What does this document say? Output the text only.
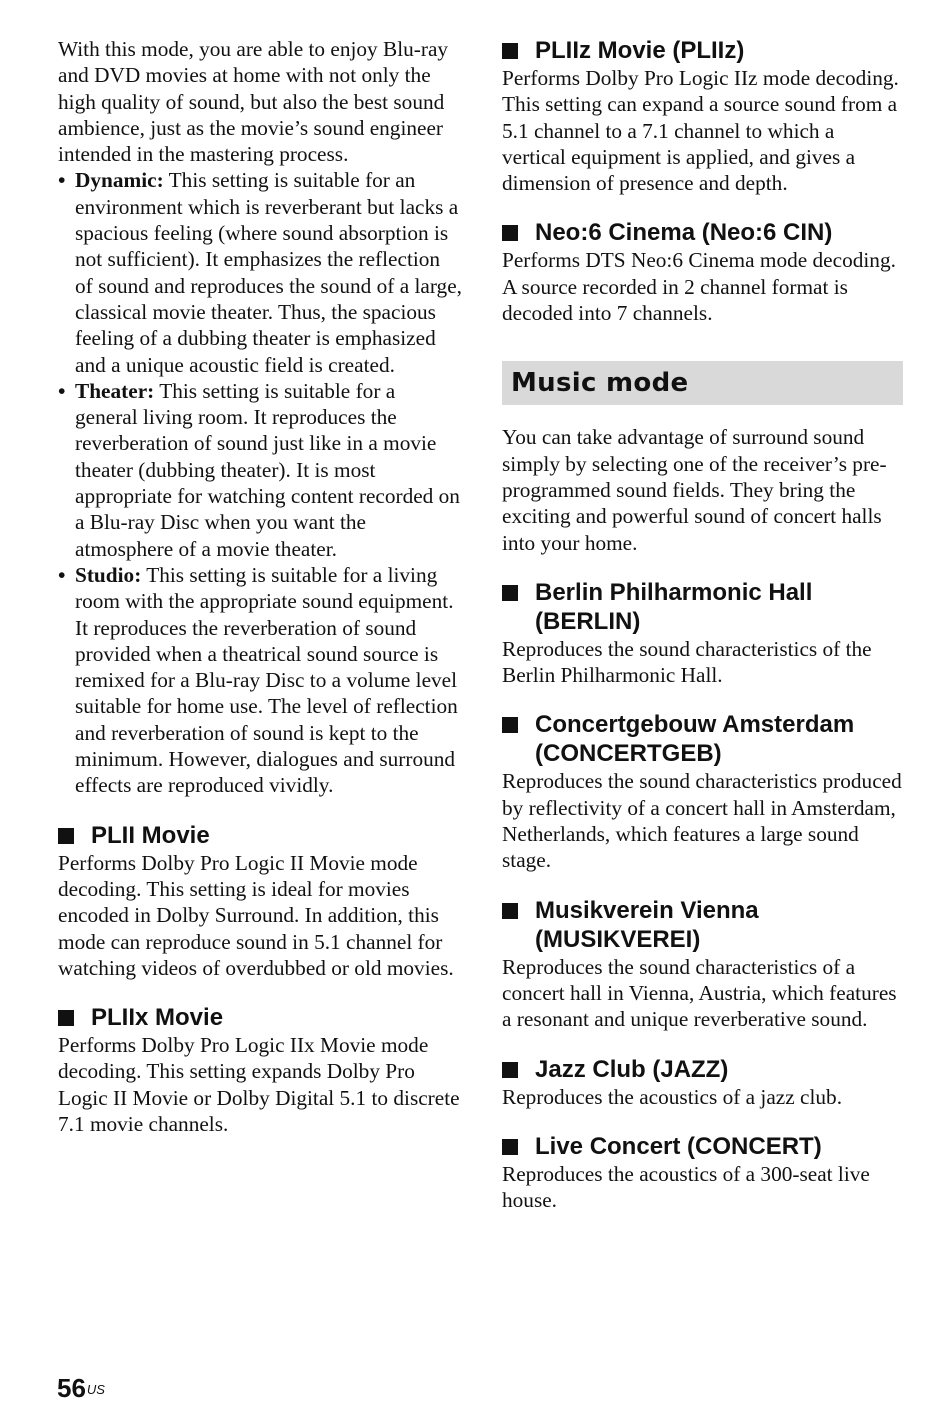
With this mode, you are able to enjoy Blu-ray and DVD movies at home with not only the high quality of sound, but also the best sound ambience, just as the movie’s sound engineer intended in the mastering process.

• Dynamic: This setting is suitable for an environment which is reverberant but lacks a spacious feeling (where sound absorption is not sufficient). It emphasizes the reflection of sound and reproduces the sound of a large, classical movie theater. Thus, the spacious feeling of a dubbing theater is emphasized and a unique acoustic field is created.
• Theater: This setting is suitable for a general living room. It reproduces the reverberation of sound just like in a movie theater (dubbing theater). It is most appropriate for watching content recorded on a Blu-ray Disc when you want the atmosphere of a movie theater.
• Studio: This setting is suitable for a living room with the appropriate sound equipment. It reproduces the reverberation of sound provided when a theatrical sound source is remixed for a Blu-ray Disc to a volume level suitable for home use. The level of reflection and reverberation of sound is kept to the minimum. However, dialogues and surround effects are reproduced vividly.
PLII Movie

Performs Dolby Pro Logic II Movie mode decoding. This setting is ideal for movies encoded in Dolby Surround. In addition, this mode can reproduce sound in 5.1 channel for watching videos of overdubbed or old movies.

PLIIx Movie

Performs Dolby Pro Logic IIx Movie mode decoding. This setting expands Dolby Pro Logic II Movie or Dolby Digital 5.1 to discrete 7.1 movie channels.

PLIIz Movie (PLIIz)

Performs Dolby Pro Logic IIz mode decoding. This setting can expand a source sound from a 5.1 channel to a 7.1 channel to which a vertical equipment is applied, and gives a dimension of presence and depth.

Neo:6 Cinema (Neo:6 CIN)

Performs DTS Neo:6 Cinema mode decoding. A source recorded in 2 channel format is decoded into 7 channels.

Music mode

You can take advantage of surround sound simply by selecting one of the receiver’s pre-programmed sound fields. They bring the exciting and powerful sound of concert halls into your home.

Berlin Philharmonic Hall (BERLIN)

Reproduces the sound characteristics of the Berlin Philharmonic Hall.

Concertgebouw Amsterdam (CONCERTGEB)

Reproduces the sound characteristics produced by reflectivity of a concert hall in Amsterdam, Netherlands, which features a large sound stage.

Musikverein Vienna (MUSIKVEREI)

Reproduces the sound characteristics of a concert hall in Vienna, Austria, which features a resonant and unique reverberative sound.

Jazz Club (JAZZ)

Reproduces the acoustics of a jazz club.

Live Concert (CONCERT)

Reproduces the acoustics of a 300-seat live house.

$56^{US}$
